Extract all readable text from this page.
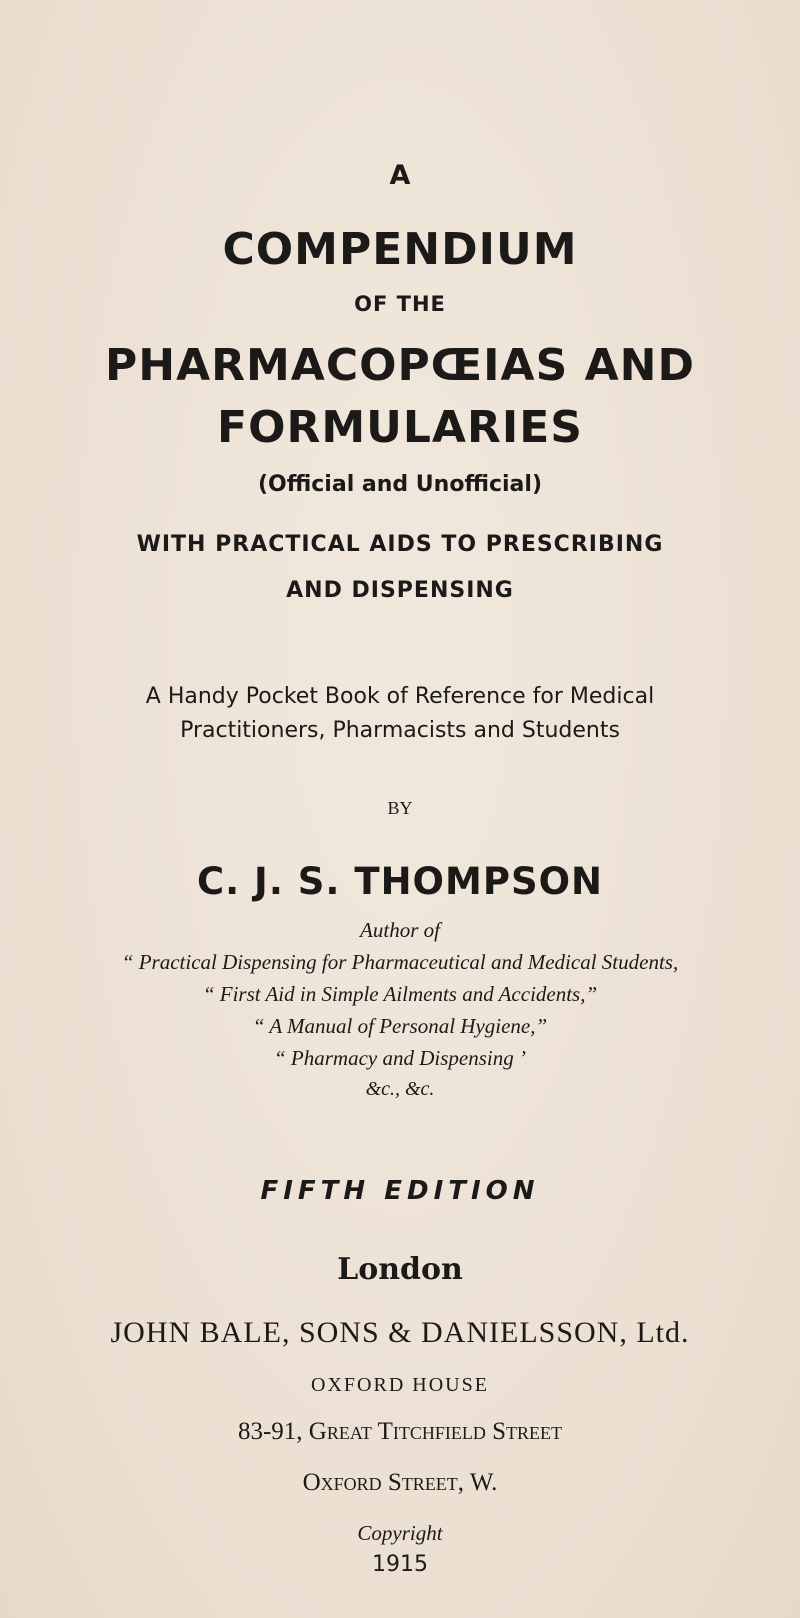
A
COMPENDIUM
OF THE
PHARMACOPŒIAS AND
FORMULARIES
(Official and Unofficial)
WITH PRACTICAL AIDS TO PRESCRIBING
AND DISPENSING
A Handy Pocket Book of Reference for Medical
Practitioners, Pharmacists and Students
BY
C. J. S. THOMPSON
Author of
“ Practical Dispensing for Pharmaceutical and Medical Students,
“ First Aid in Simple Ailments and Accidents,”
“ A Manual of Personal Hygiene,”
“ Pharmacy and Dispensing ’
&c., &c.
FIFTH EDITION
London
JOHN BALE, SONS & DANIELSSON, Ltd.
OXFORD HOUSE
83-91, Great Titchfield Street
Oxford Street, W.
Copyright
1915
